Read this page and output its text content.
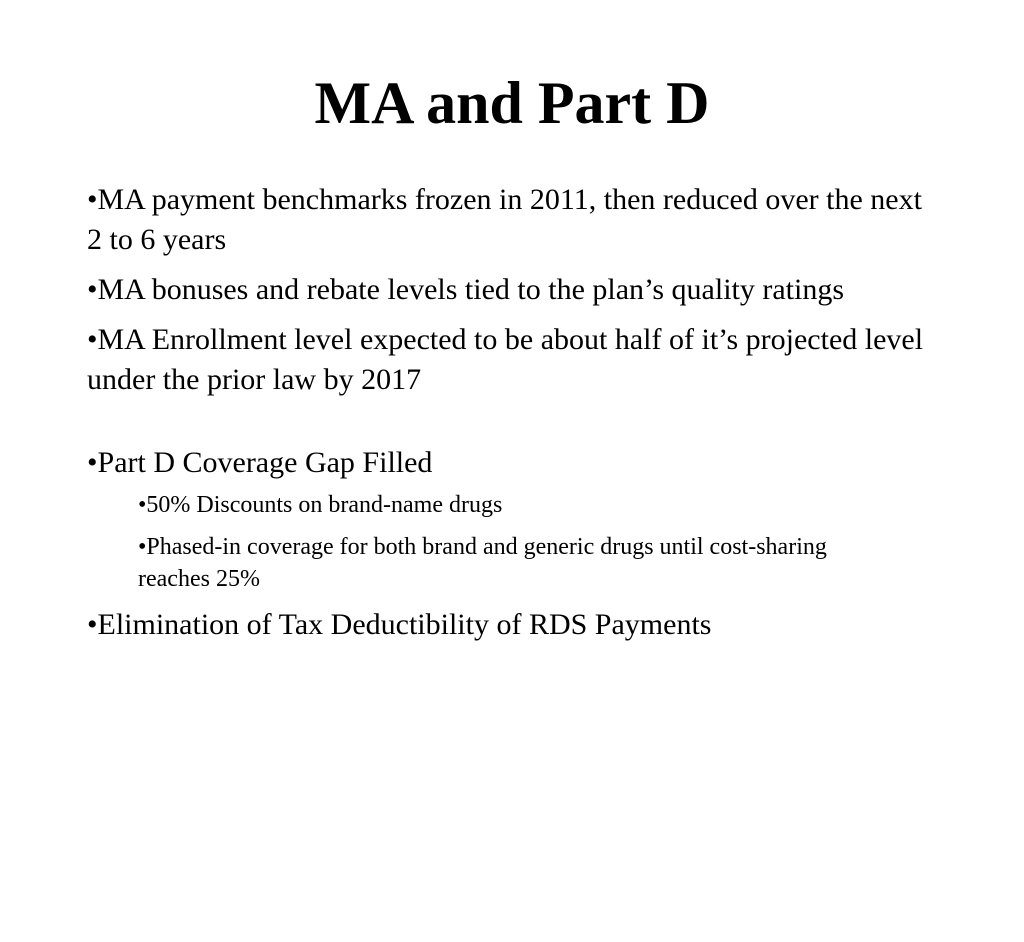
MA and Part D

•MA payment benchmarks frozen in 2011, then reduced over the next 2 to 6 years

•MA bonuses and rebate levels tied to the plan’s quality ratings

•MA Enrollment level expected to be about half of it’s projected level under the prior law by 2017

•Part D Coverage Gap Filled

•50% Discounts on brand-name drugs

•Phased-in coverage for both brand and generic drugs until cost-sharing reaches 25%

•Elimination of Tax Deductibility of RDS Payments
